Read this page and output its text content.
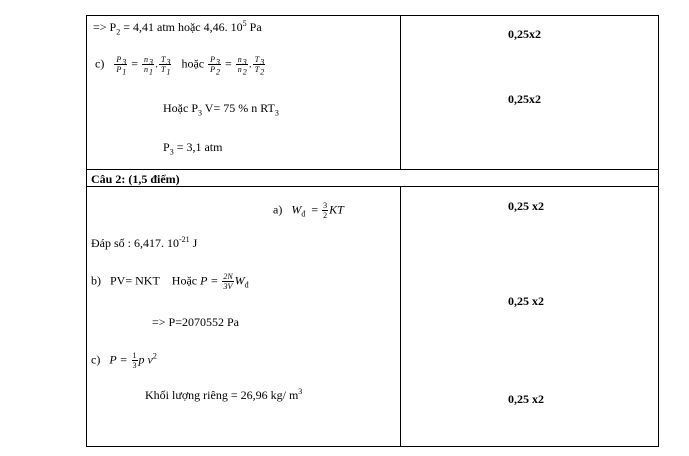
=> $P_2 = 4,41$ atm hoặc 4,46. $10^5$ Pa
$c) \frac{P_3}{P_1} = \frac{n_3}{n_1}$ . $\frac{T_3}{T_1}$ hoặc $\frac{P_3}{P_2} = \frac{n_3}{n_2}$ . $\frac{T_3}{T_2}$
Hoặc $P_3$ V= 75 % n $RT_3$
$P_3 = 3,1$ atm
0,25x2
0,25x2
Câu 2: (1,5 điểm)
a) $W_đ = \frac{3}{2}$ KT
Đáp số : 6,417. $10^{-21}$ J
b) PV= NKT Hoặc $P = \frac{2N}{3V} W_đ$
=> P=2070552 Pa
c) $P = \frac{1}{3}$ p $v^2$
Khối lượng riêng = 26,96 kg/ $m^3$
0,25 x2
0,25 x2
0,25 x2
